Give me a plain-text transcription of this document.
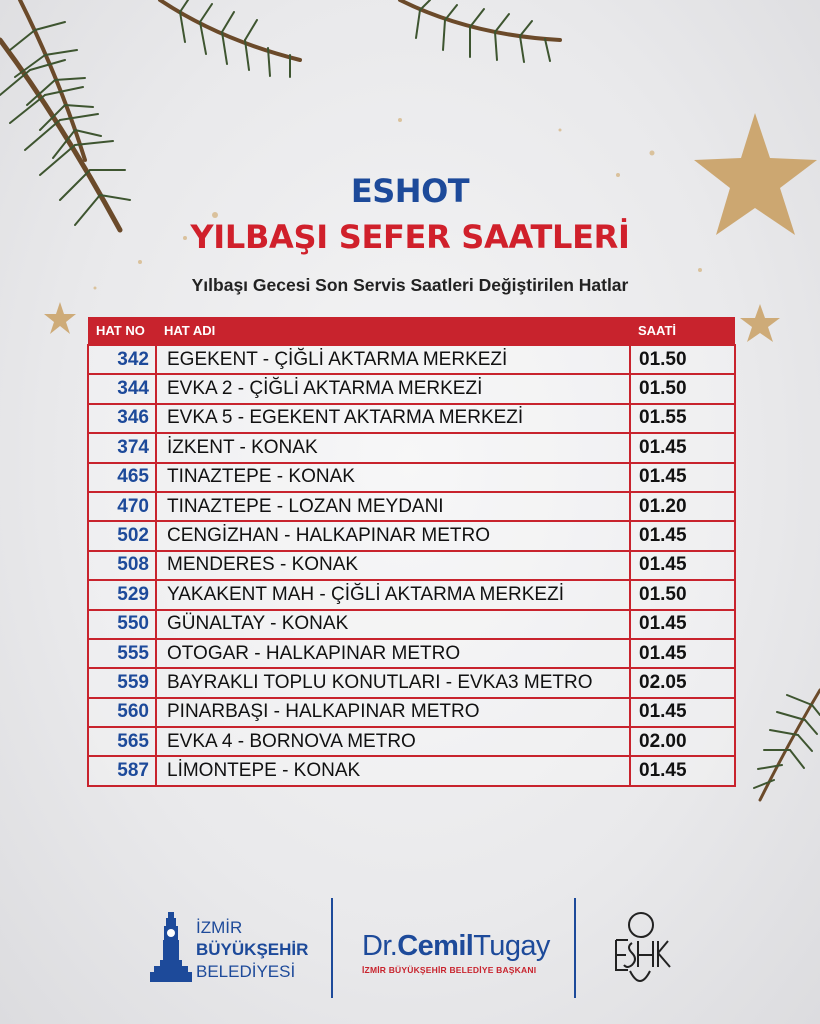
ESHOT
YILBAŞI SEFER SAATLERİ
Yılbaşı Gecesi Son Servis Saatleri Değiştirilen Hatlar
HAT NO	HAT ADI	SAATİ
342	EGEKENT - ÇİĞLİ AKTARMA MERKEZİ	01.50
344	EVKA 2 - ÇİĞLİ AKTARMA MERKEZİ	01.50
346	EVKA 5 - EGEKENT AKTARMA MERKEZİ	01.55
374	İZKENT - KONAK	01.45
465	TINAZTEPE - KONAK	01.45
470	TINAZTEPE - LOZAN MEYDANI	01.20
502	CENGİZHAN - HALKAPINAR METRO	01.45
508	MENDERES - KONAK	01.45
529	YAKAKENT MAH - ÇİĞLİ AKTARMA MERKEZİ	01.50
550	GÜNALTAY - KONAK	01.45
555	OTOGAR - HALKAPINAR METRO	01.45
559	BAYRAKLI TOPLU KONUTLARI - EVKA3 METRO	02.05
560	PINARBAŞI - HALKAPINAR METRO	01.45
565	EVKA 4 - BORNOVA METRO	02.00
587	LİMONTEPE - KONAK	01.45
İZMİR
BÜYÜKŞEHİR
BELEDİYESİ
Dr.CemilTugay
İZMİR BÜYÜKŞEHİR BELEDİYE BAŞKANI
